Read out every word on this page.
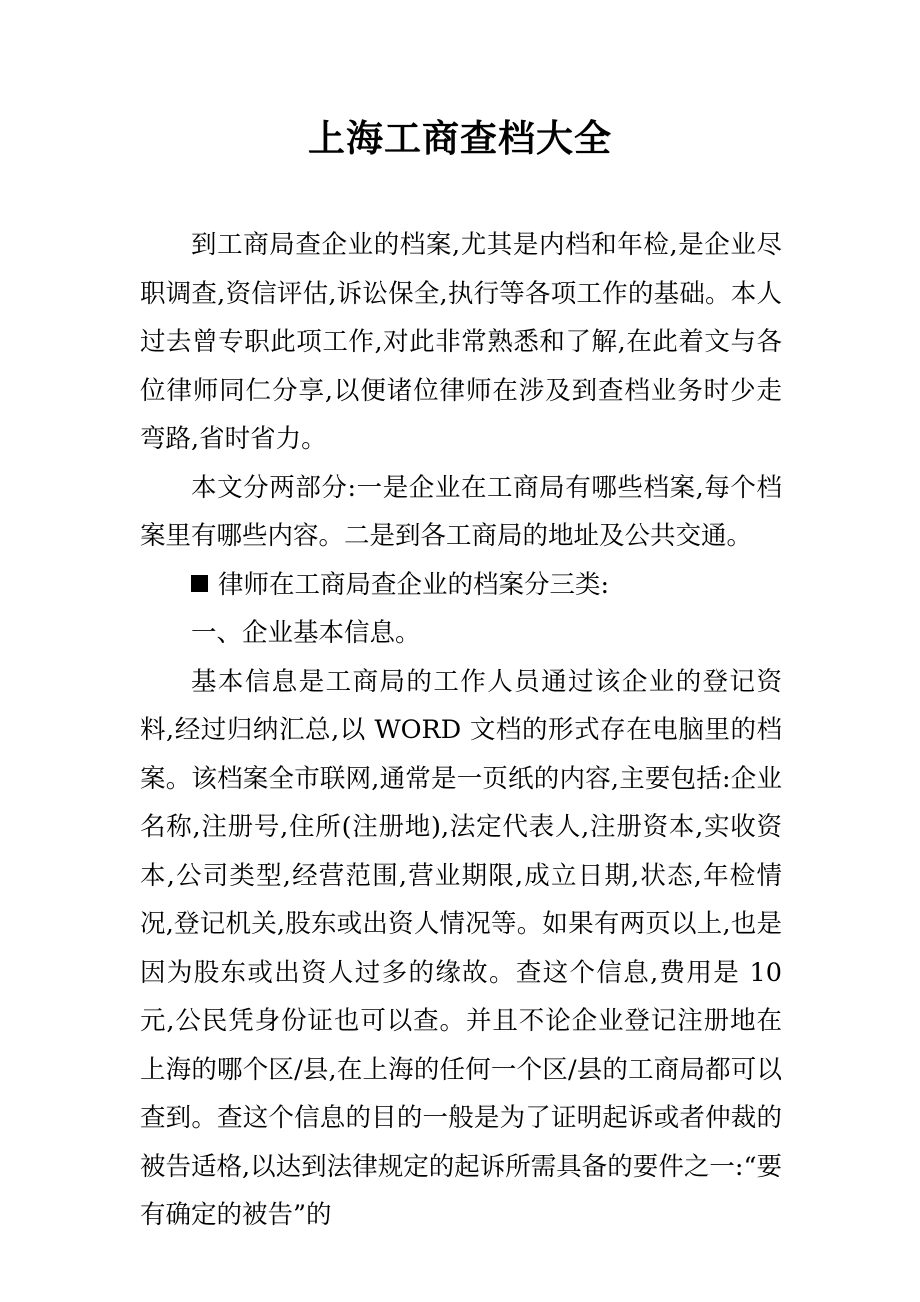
上海工商查档大全

到工商局查企业的档案,尤其是内档和年检,是企业尽职调查,资信评估,诉讼保全,执行等各项工作的基础。本人过去曾专职此项工作,对此非常熟悉和了解,在此着文与各位律师同仁分享,以便诸位律师在涉及到查档业务时少走弯路,省时省力。

本文分两部分:一是企业在工商局有哪些档案,每个档案里有哪些内容。二是到各工商局的地址及公共交通。

律师在工商局查企业的档案分三类:

一、企业基本信息。

基本信息是工商局的工作人员通过该企业的登记资料,经过归纳汇总,以 WORD 文档的形式存在电脑里的档案。该档案全市联网,通常是一页纸的内容,主要包括:企业名称,注册号,住所(注册地),法定代表人,注册资本,实收资本,公司类型,经营范围,营业期限,成立日期,状态,年检情况,登记机关,股东或出资人情况等。如果有两页以上,也是因为股东或出资人过多的缘故。查这个信息,费用是 10 元,公民凭身份证也可以查。并且不论企业登记注册地在上海的哪个区/县,在上海的任何一个区/县的工商局都可以查到。查这个信息的目的一般是为了证明起诉或者仲裁的被告适格,以达到法律规定的起诉所需具备的要件之一:“要有确定的被告”的
